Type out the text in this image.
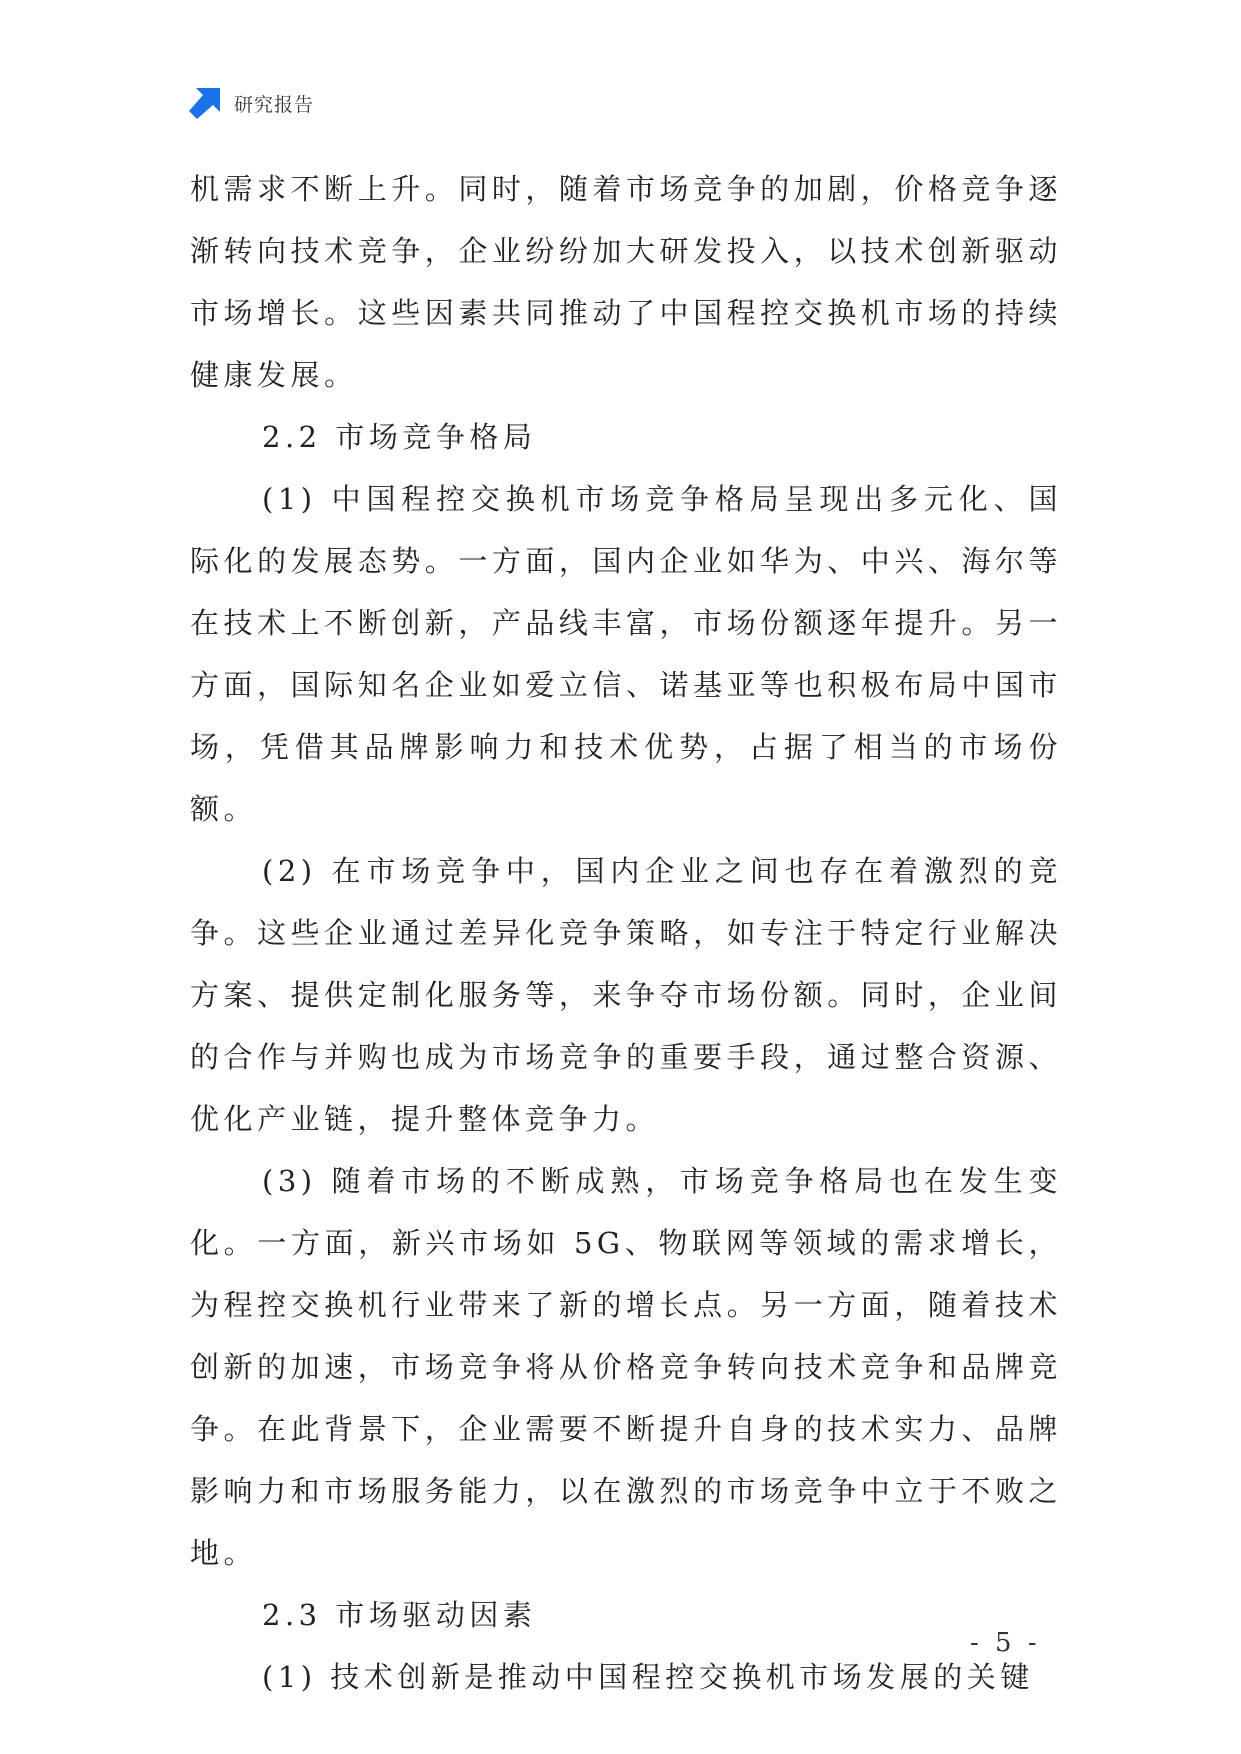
研究报告

机需求不断上升。同时，随着市场竞争的加剧，价格竞争逐渐转向技术竞争，企业纷纷加大研发投入，以技术创新驱动市场增长。这些因素共同推动了中国程控交换机市场的持续健康发展。

2.2 市场竞争格局

(1) 中国程控交换机市场竞争格局呈现出多元化、国际化的发展态势。一方面，国内企业如华为、中兴、海尔等在技术上不断创新，产品线丰富，市场份额逐年提升。另一方面，国际知名企业如爱立信、诺基亚等也积极布局中国市场，凭借其品牌影响力和技术优势，占据了相当的市场份额。

(2) 在市场竞争中，国内企业之间也存在着激烈的竞争。这些企业通过差异化竞争策略，如专注于特定行业解决方案、提供定制化服务等，来争夺市场份额。同时，企业间的合作与并购也成为市场竞争的重要手段，通过整合资源、优化产业链，提升整体竞争力。

(3) 随着市场的不断成熟，市场竞争格局也在发生变化。一方面，新兴市场如 5G、物联网等领域的需求增长，为程控交换机行业带来了新的增长点。另一方面，随着技术创新的加速，市场竞争将从价格竞争转向技术竞争和品牌竞争。在此背景下，企业需要不断提升自身的技术实力、品牌影响力和市场服务能力，以在激烈的市场竞争中立于不败之地。

2.3 市场驱动因素

(1) 技术创新是推动中国程控交换机市场发展的关键

- 5 -
